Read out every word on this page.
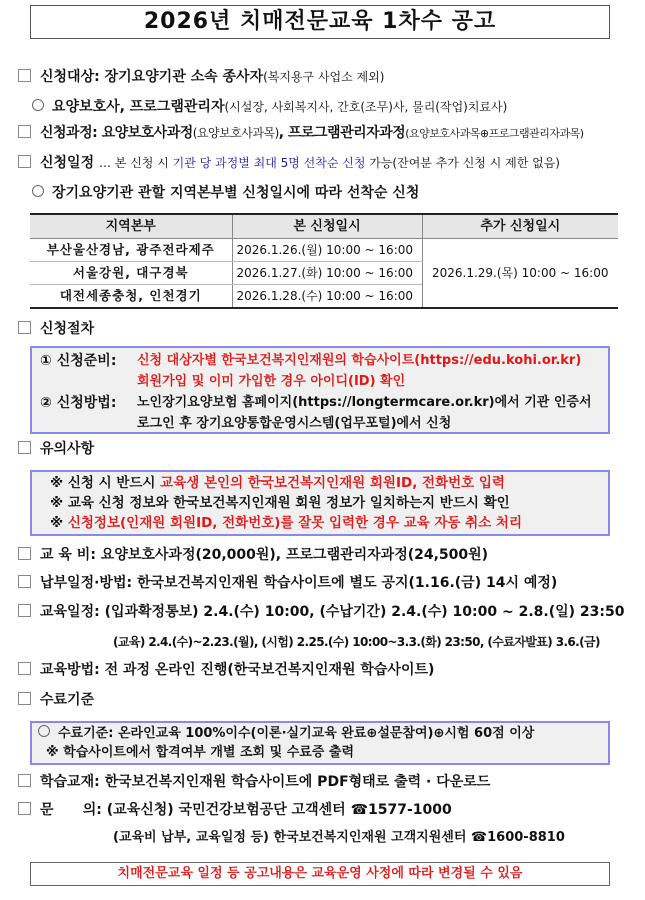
2026년 치매전문교육 1차수 공고
신청대상: 장기요양기관 소속 종사자(복지용구 사업소 제외)
요양보호사, 프로그램관리자(시설장, 사회복지사, 간호(조무)사, 물리(작업)치료사)
신청과정: 요양보호사과정(요양보호사과목), 프로그램관리자과정(요양보호사과목⊕프로그램관리자과목)
신청일정 … 본 신청 시 기관 당 과정별 최대 5명 선착순 신청 가능(잔여분 추가 신청 시 제한 없음)
장기요양기관 관할 지역본부별 신청일시에 따라 선착순 신청
지역본부	본 신청일시	추가 신청일시
부산울산경남, 광주전라제주	2026.1.26.(월) 10:00 ~ 16:00	2026.1.29.(목) 10:00 ~ 16:00
서울강원, 대구경북	2026.1.27.(화) 10:00 ~ 16:00	
대전세종충청, 인천경기	2026.1.28.(수) 10:00 ~ 16:00	
신청절차
① 신청준비: 신청 대상자별 한국보건복지인재원의 학습사이트(https://edu.kohi.or.kr)
회원가입 및 이미 가입한 경우 아이디(ID) 확인
② 신청방법: 노인장기요양보험 홈페이지(https://longtermcare.or.kr)에서 기관 인증서
로그인 후 장기요양통합운영시스템(업무포털)에서 신청
유의사항
※ 신청 시 반드시 교육생 본인의 한국보건복지인재원 회원ID, 전화번호 입력
※ 교육 신청 정보와 한국보건복지인재원 회원 정보가 일치하는지 반드시 확인
※ 신청정보(인재원 회원ID, 전화번호)를 잘못 입력한 경우 교육 자동 취소 처리
교 육 비: 요양보호사과정(20,000원), 프로그램관리자과정(24,500원)
납부일정·방법: 한국보건복지인재원 학습사이트에 별도 공지(1.16.(금) 14시 예정)
교육일정: (입과확정통보) 2.4.(수) 10:00, (수납기간) 2.4.(수) 10:00 ~ 2.8.(일) 23:50
(교육) 2.4.(수)~2.23.(월), (시험) 2.25.(수) 10:00~3.3.(화) 23:50, (수료자발표) 3.6.(금)
교육방법: 전 과정 온라인 진행(한국보건복지인재원 학습사이트)
수료기준
수료기준: 온라인교육 100%이수(이론·실기교육 완료⊕설문참여)⊕시험 60점 이상
※ 학습사이트에서 합격여부 개별 조회 및 수료증 출력
학습교재: 한국보건복지인재원 학습사이트에 PDF형태로 출력 · 다운로드
문      의: (교육신청) 국민건강보험공단 고객센터 ☎1577-1000
(교육비 납부, 교육일정 등) 한국보건복지인재원 고객지원센터 ☎1600-8810
치매전문교육 일정 등 공고내용은 교육운영 사정에 따라 변경될 수 있음
